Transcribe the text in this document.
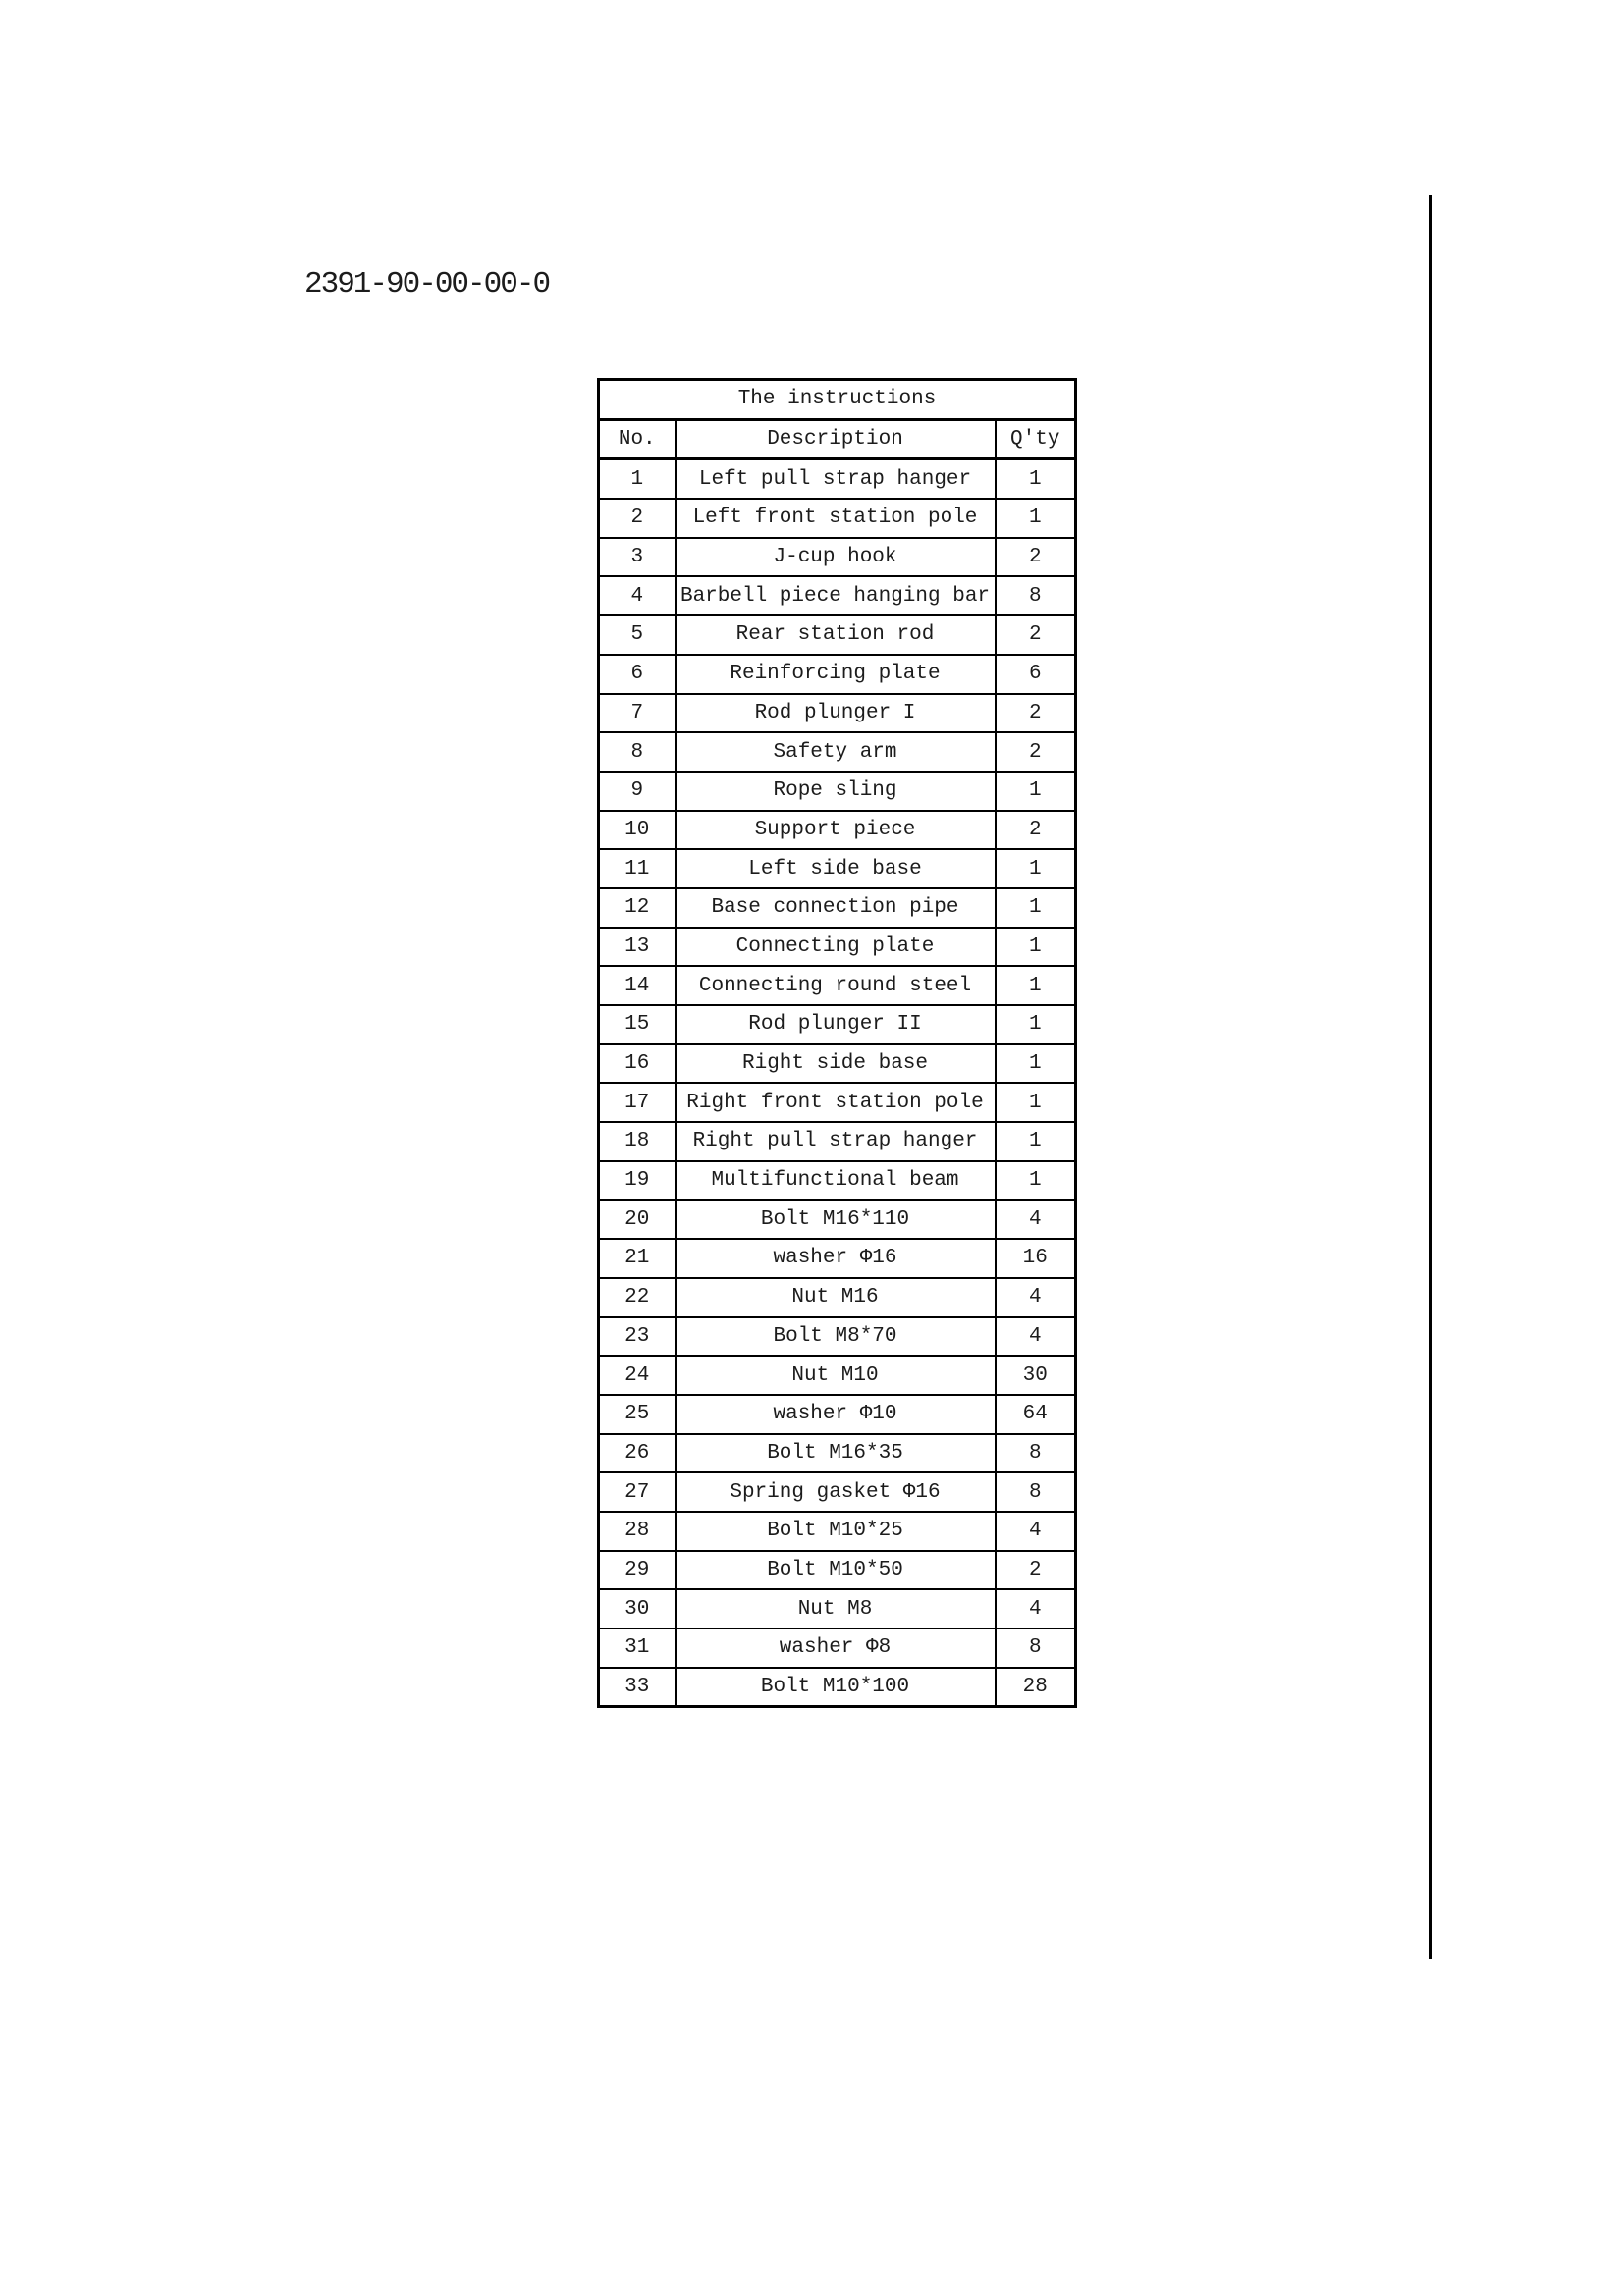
2391-90-00-00-0
The instructions		
No.	Description	Q'ty
1	Left pull strap hanger	1
2	Left front station pole	1
3	J-cup hook	2
4	Barbell piece hanging bar	8
5	Rear station rod	2
6	Reinforcing plate	6
7	Rod plunger I	2
8	Safety arm	2
9	Rope sling	1
10	Support piece	2
11	Left side base	1
12	Base connection pipe	1
13	Connecting plate	1
14	Connecting round steel	1
15	Rod plunger II	1
16	Right side base	1
17	Right front station pole	1
18	Right pull strap hanger	1
19	Multifunctional beam	1
20	Bolt M16*110	4
21	washer Φ16	16
22	Nut M16	4
23	Bolt M8*70	4
24	Nut M10	30
25	washer Φ10	64
26	Bolt M16*35	8
27	Spring gasket Φ16	8
28	Bolt M10*25	4
29	Bolt M10*50	2
30	Nut M8	4
31	washer Φ8	8
33	Bolt M10*100	28
